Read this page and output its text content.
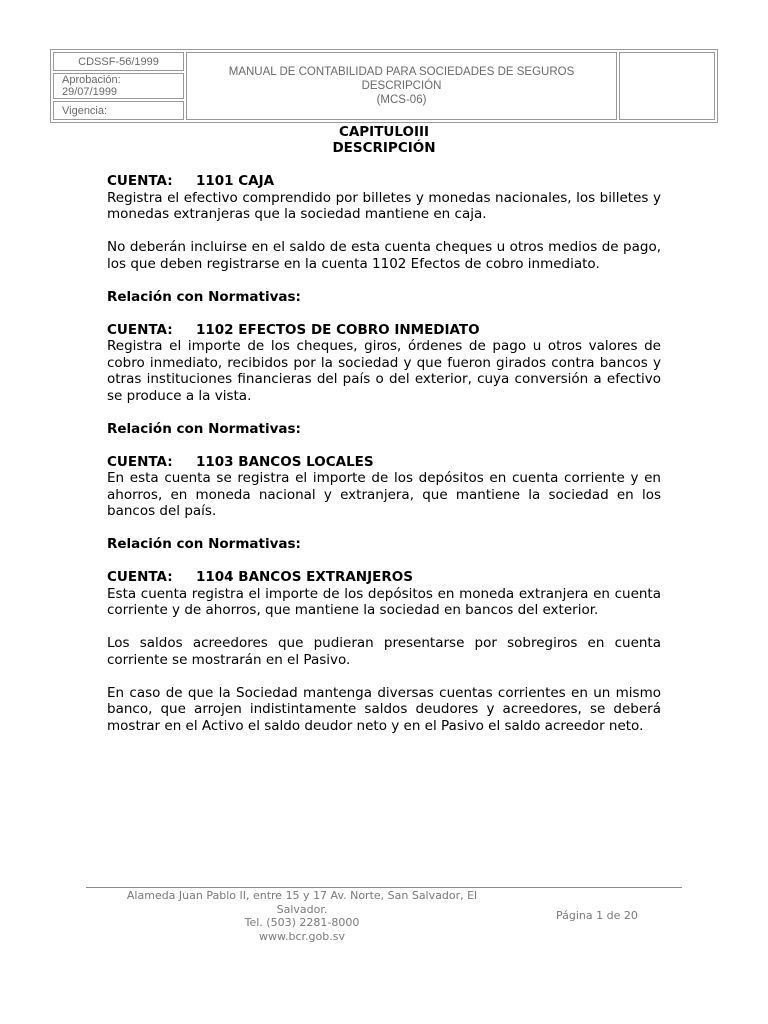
CDSSF-56/1999
Aprobación: 29/07/1999
Vigencia:
MANUAL DE CONTABILIDAD PARA SOCIEDADES DE SEGUROS
DESCRIPCIÓN
(MCS-06)
CAPITULOIII
DESCRIPCIÓN
CUENTA: 1101 CAJA

Registra el efectivo comprendido por billetes y monedas nacionales, los billetes y monedas extranjeras que la sociedad mantiene en caja.

No deberán incluirse en el saldo de esta cuenta cheques u otros medios de pago, los que deben registrarse en la cuenta 1102 Efectos de cobro inmediato.

Relación con Normativas:
CUENTA: 1102 EFECTOS DE COBRO INMEDIATO

Registra el importe de los cheques, giros, órdenes de pago u otros valores de cobro inmediato, recibidos por la sociedad y que fueron girados contra bancos y otras instituciones financieras del país o del exterior, cuya conversión a efectivo se produce a la vista.

Relación con Normativas:
CUENTA: 1103 BANCOS LOCALES

En esta cuenta se registra el importe de los depósitos en cuenta corriente y en ahorros, en moneda nacional y extranjera, que mantiene la sociedad en los bancos del país.

Relación con Normativas:
CUENTA: 1104 BANCOS EXTRANJEROS

Esta cuenta registra el importe de los depósitos en moneda extranjera en cuenta corriente y de ahorros, que mantiene la sociedad en bancos del exterior.

Los saldos acreedores que pudieran presentarse por sobregiros en cuenta corriente se mostrarán en el Pasivo.

En caso de que la Sociedad mantenga diversas cuentas corrientes en un mismo banco, que arrojen indistintamente saldos deudores y acreedores, se deberá mostrar en el Activo el saldo deudor neto y en el Pasivo el saldo acreedor neto.

Alameda Juan Pablo II, entre 15 y 17 Av. Norte, San Salvador, El Salvador.
Tel. (503) 2281-8000
www.bcr.gob.sv
Página 1 de 20
